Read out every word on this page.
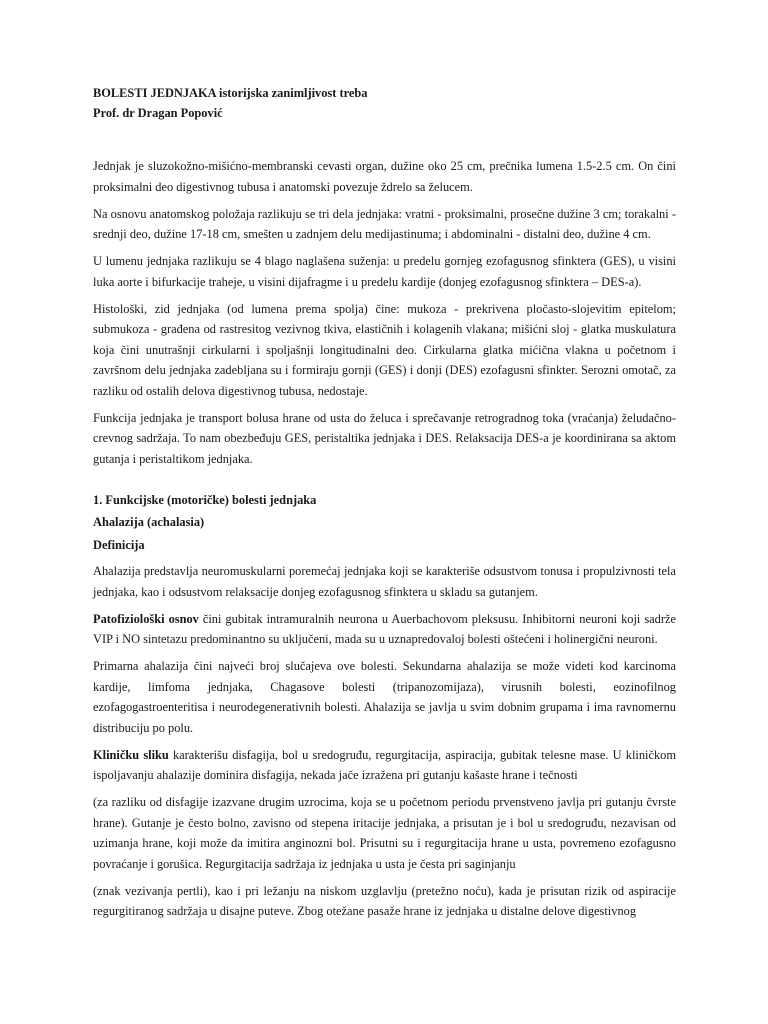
BOLESTI JEDNJAKA istorijska zanimljivost treba
Prof. dr Dragan Popović

Jednjak je sluzokožno-mišićno-membranski cevasti organ, dužine oko 25 cm, prečnika lumena 1.5-2.5 cm. On čini proksimalni deo digestivnog tubusa i anatomski povezuje ždrelo sa želucem.

Na osnovu anatomskog položaja razlikuju se tri dela jednjaka: vratni - proksimalni, prosečne dužine 3 cm; torakalni - srednji deo, dužine 17-18 cm, smešten u zadnjem delu medijastinuma; i abdominalni - distalni deo, dužine 4 cm.

U lumenu jednjaka razlikuju se 4 blago naglašena suženja: u predelu gornjeg ezofagusnog sfinktera (GES), u visini luka aorte i bifurkacije traheje, u visini dijafragme i u predelu kardije (donjeg ezofagusnog sfinktera – DES-a).

Histološki, zid jednjaka (od lumena prema spolja) čine: mukoza - prekrivena pločasto-slojevitim epitelom; submukoza - građena od rastresitog vezivnog tkiva, elastičnih i kolagenih vlakana; mišićni sloj - glatka muskulatura koja čini unutrašnji cirkularni i spoljašnji longitudinalni deo. Cirkularna glatka mićična vlakna u početnom i završnom delu jednjaka zadebljana su i formiraju gornji (GES) i donji (DES) ezofagusni sfinkter. Serozni omotač, za razliku od ostalih delova digestivnog tubusa, nedostaje.

Funkcija jednjaka je transport bolusa hrane od usta do želuca i sprečavanje retrogradnog toka (vraćanja) želudačno-crevnog sadržaja. To nam obezbeđuju GES, peristaltika jednjaka i DES. Relaksacija DES-a je koordinirana sa aktom gutanja i peristaltikom jednjaka.

1. Funkcijske (motoričke) bolesti jednjaka
Ahalazija (achalasia)
Definicija

Ahalazija predstavlja neuromuskularni poremećaj jednjaka koji se karakteriše odsustvom tonusa i propulzivnosti tela jednjaka, kao i odsustvom relaksacije donjeg ezofagusnog sfinktera u skladu sa gutanjem.

Patofiziološki osnov čini gubitak intramuralnih neurona u Auerbachovom pleksusu. Inhibitorni neuroni koji sadrže VIP i NO sintetazu predominantno su uključeni, mada su u uznapredovaloj bolesti oštećeni i holinergični neuroni.

Primarna ahalazija čini najveći broj slučajeva ove bolesti. Sekundarna ahalazija se može videti kod karcinoma kardije, limfoma jednjaka, Chagasove bolesti (tripanozomijaza), virusnih bolesti, eozinofilnog ezofagogastroenteritisa i neurodegenerativnih bolesti. Ahalazija se javlja u svim dobnim grupama i ima ravnomernu distribuciju po polu.

Kliničku sliku karakterišu disfagija, bol u sredogruđu, regurgitacija, aspiracija, gubitak telesne mase. U kliničkom ispoljavanju ahalazije dominira disfagija, nekada jače izražena pri gutanju kašaste hrane i tečnosti

(za razliku od disfagije izazvane drugim uzrocima, koja se u početnom periodu prvenstveno javlja pri gutanju čvrste hrane). Gutanje je često bolno, zavisno od stepena iritacije jednjaka, a prisutan je i bol u sredogruđu, nezavisan od uzimanja hrane, koji može da imitira anginozni bol. Prisutni su i regurgitacija hrane u usta, povremeno ezofagusno povraćanje i gorušica. Regurgitacija sadržaja iz jednjaka u usta je česta pri saginjanju

(znak vezivanja pertli), kao i pri ležanju na niskom uzglavlju (pretežno noću), kada je prisutan rizik od aspiracije regurgitiranog sadržaja u disajne puteve. Zbog otežane pasaže hrane iz jednjaka u distalne delove digestivnog
